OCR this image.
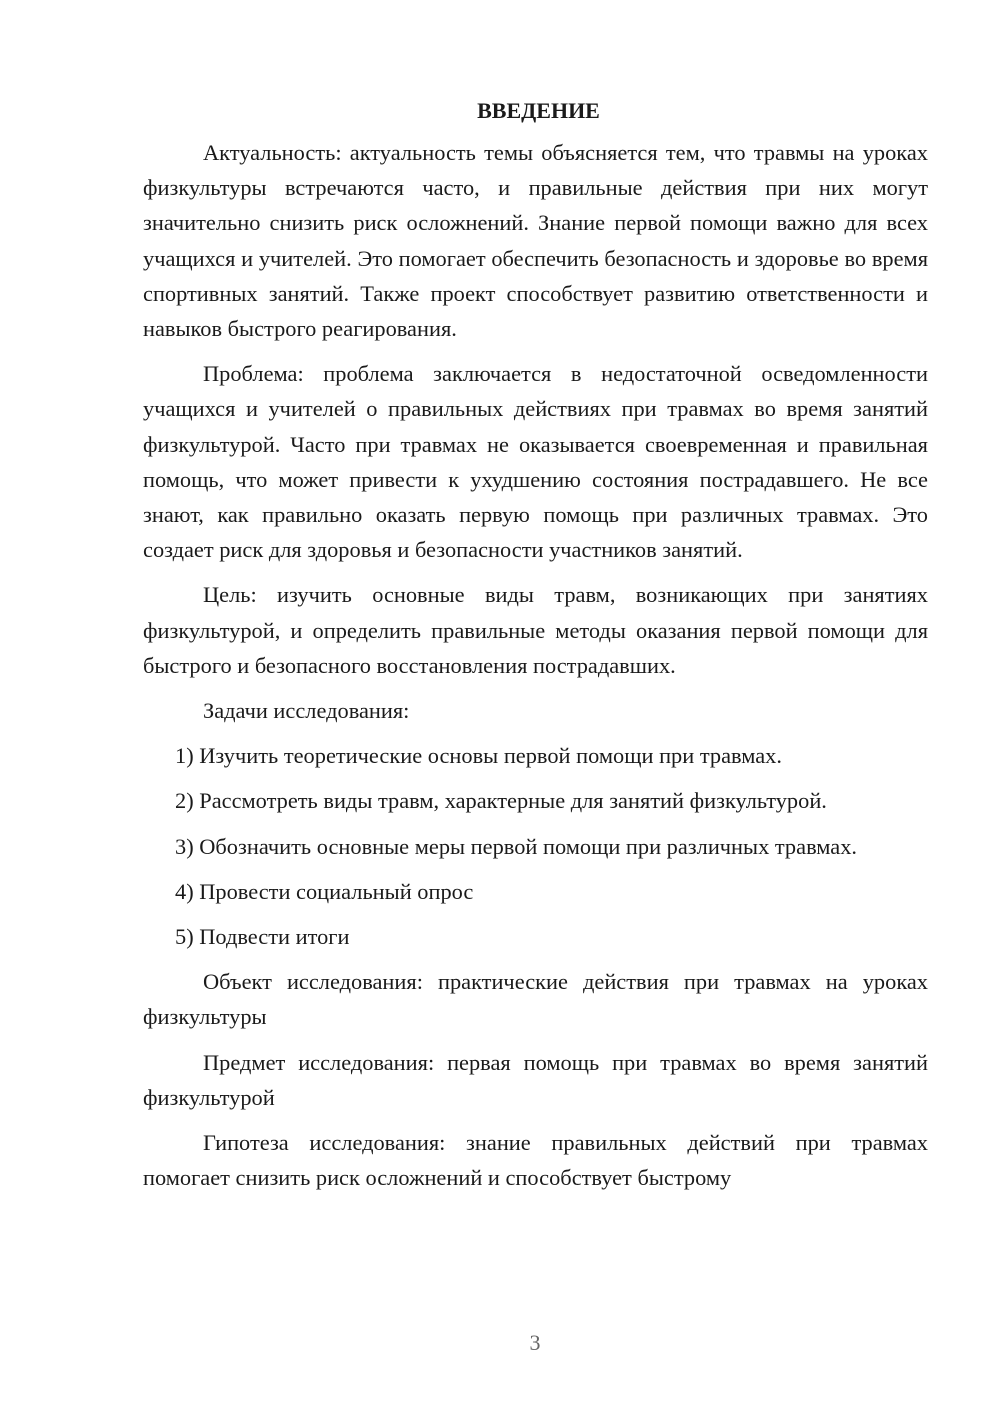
ВВЕДЕНИЕ

Актуальность: актуальность темы объясняется тем, что травмы на уроках физкультуры встречаются часто, и правильные действия при них могут значительно снизить риск осложнений. Знание первой помощи важно для всех учащихся и учителей. Это помогает обеспечить безопасность и здоровье во время спортивных занятий. Также проект способствует развитию ответственности и навыков быстрого реагирования.

Проблема: проблема заключается в недостаточной осведомленности учащихся и учителей о правильных действиях при травмах во время занятий физкультурой. Часто при травмах не оказывается своевременная и правильная помощь, что может привести к ухудшению состояния пострадавшего. Не все знают, как правильно оказать первую помощь при различных травмах. Это создает риск для здоровья и безопасности участников занятий.

Цель: изучить основные виды травм, возникающих при занятиях физкультурой, и определить правильные методы оказания первой помощи для быстрого и безопасного восстановления пострадавших.

Задачи исследования:

1) Изучить теоретические основы первой помощи при травмах.

2) Рассмотреть виды травм, характерные для занятий физкультурой.

3) Обозначить основные меры первой помощи при различных травмах.

4) Провести социальный опрос

5) Подвести итоги

Объект исследования: практические действия при травмах на уроках физкультуры

Предмет исследования: первая помощь при травмах во время занятий физкультурой

Гипотеза исследования: знание правильных действий при травмах помогает снизить риск осложнений и способствует быстрому

3
